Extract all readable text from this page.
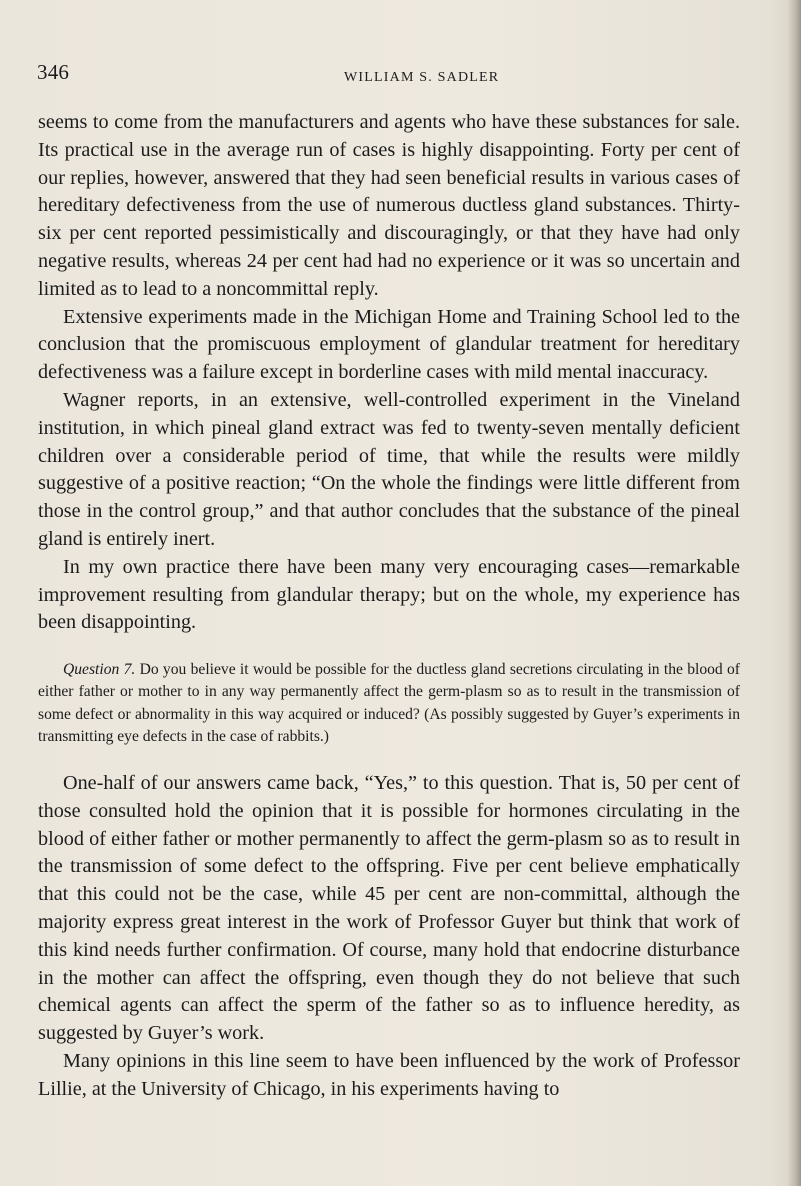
346	WILLIAM S. SADLER

seems to come from the manufacturers and agents who have these substances for sale. Its practical use in the average run of cases is highly disappointing. Forty per cent of our replies, however, answered that they had seen beneficial results in various cases of hereditary defectiveness from the use of numerous ductless gland substances. Thirty-six per cent reported pessimistically and discouragingly, or that they have had only negative results, whereas 24 per cent had had no experience or it was so uncertain and limited as to lead to a noncommittal reply.

Extensive experiments made in the Michigan Home and Training School led to the conclusion that the promiscuous employment of glandular treatment for hereditary defectiveness was a failure except in borderline cases with mild mental inaccuracy.

Wagner reports, in an extensive, well-controlled experiment in the Vineland institution, in which pineal gland extract was fed to twenty-seven mentally deficient children over a considerable period of time, that while the results were mildly suggestive of a positive reaction; “On the whole the findings were little different from those in the control group,” and that author concludes that the substance of the pineal gland is entirely inert.

In my own practice there have been many very encouraging cases—remarkable improvement resulting from glandular therapy; but on the whole, my experience has been disappointing.

Question 7. Do you believe it would be possible for the ductless gland secretions circulating in the blood of either father or mother to in any way permanently affect the germ-plasm so as to result in the transmission of some defect or abnormality in this way acquired or induced? (As possibly suggested by Guyer’s experiments in transmitting eye defects in the case of rabbits.)

One-half of our answers came back, “Yes,” to this question. That is, 50 per cent of those consulted hold the opinion that it is possible for hormones circulating in the blood of either father or mother permanently to affect the germ-plasm so as to result in the transmission of some defect to the offspring. Five per cent believe emphatically that this could not be the case, while 45 per cent are non-committal, although the majority express great interest in the work of Professor Guyer but think that work of this kind needs further confirmation. Of course, many hold that endocrine disturbance in the mother can affect the offspring, even though they do not believe that such chemical agents can affect the sperm of the father so as to influence heredity, as suggested by Guyer’s work.

Many opinions in this line seem to have been influenced by the work of Professor Lillie, at the University of Chicago, in his experiments having to
